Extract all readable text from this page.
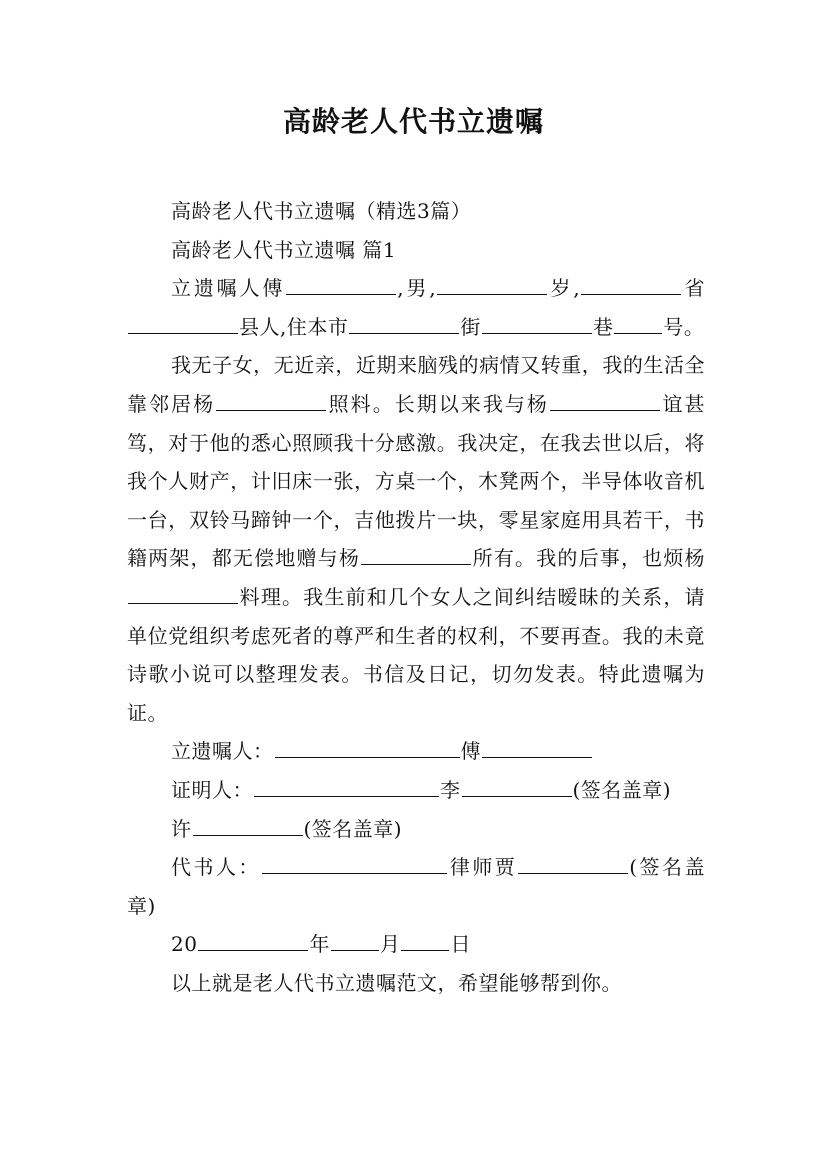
高龄老人代书立遗嘱

高龄老人代书立遗嘱（精选3篇）

高龄老人代书立遗嘱 篇1

立遗嘱人傅	,男,	岁,	省县人,住本市	街	巷	号。

我无子女，无近亲，近期来脑残的病情又转重，我的生活全靠邻居杨	照料。长期以来我与杨	谊甚笃，对于他的悉心照顾我十分感激。我决定，在我去世以后，将我个人财产，计旧床一张，方桌一个，木凳两个，半导体收音机一台，双铃马蹄钟一个，吉他拨片一块，零星家庭用具若干，书籍两架，都无偿地赠与杨	所有。我的后事，也烦杨料理。我生前和几个女人之间纠结暧昧的关系，请单位党组织考虑死者的尊严和生者的权利，不要再查。我的未竟诗歌小说可以整理发表。书信及日记，切勿发表。特此遗嘱为证。

立遗嘱人：	傅

证明人：	李	(签名盖章)

许	(签名盖章)

代书人：	律师贾	(签名盖章)

20	年	月	日

以上就是老人代书立遗嘱范文，希望能够帮到你。
